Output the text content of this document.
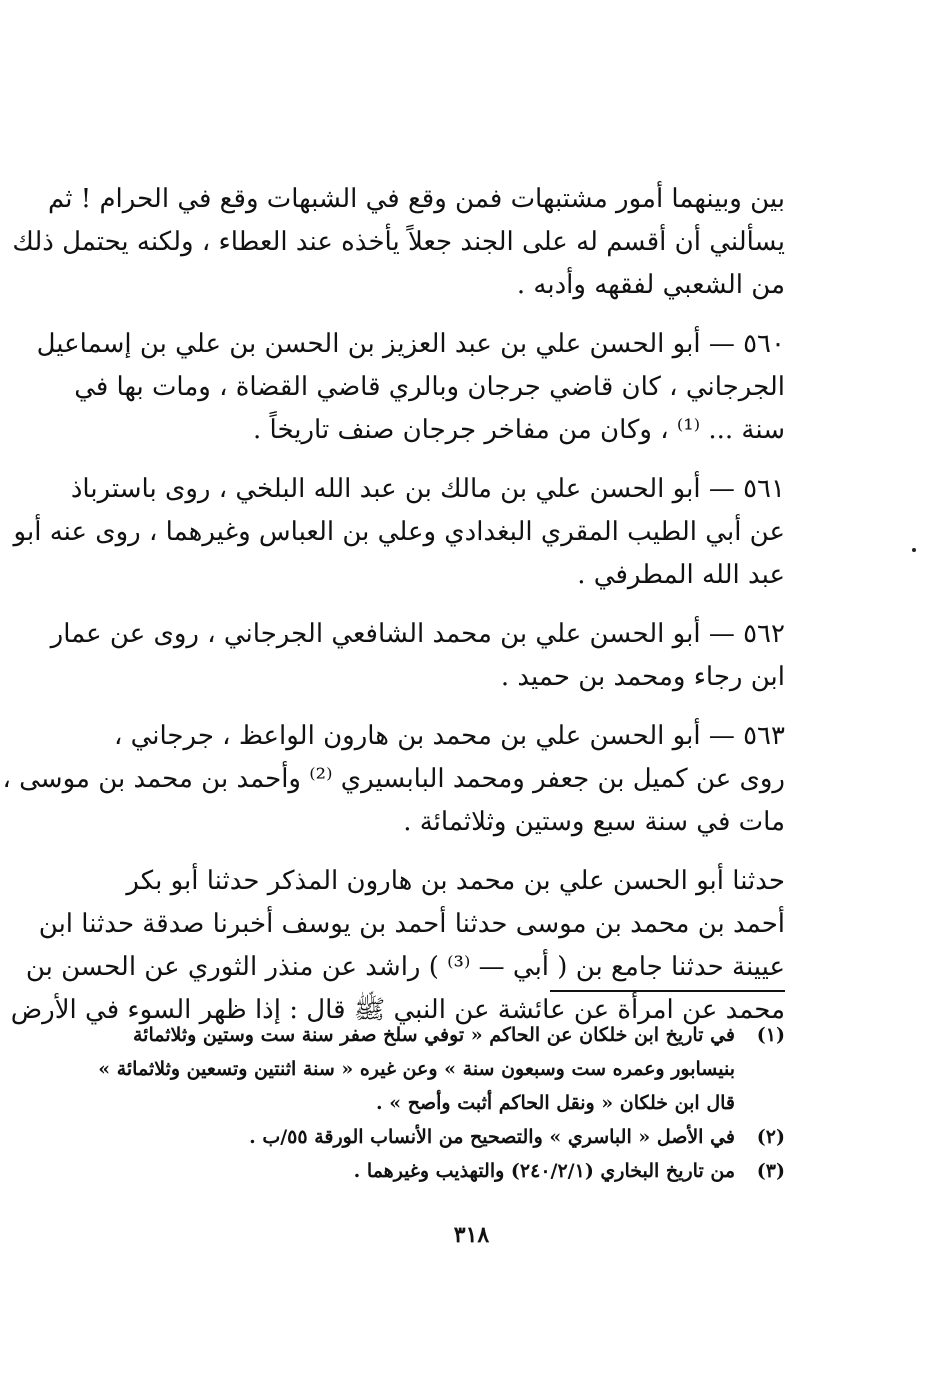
بين وبينهما أمور مشتبهات فمن وقع في الشبهات وقع في الحرام ! ثم
يسألني أن أقسم له على الجند جعلاً يأخذه عند العطاء ، ولكنه يحتمل ذلك
من الشعبي لفقهه وأدبه .

٥٦٠ — أبو الحسن علي بن عبد العزيز بن الحسن بن علي بن إسماعيل
الجرجاني ، كان قاضي جرجان وبالري قاضي القضاة ، ومات بها في
سنة ... ⁽¹⁾ ، وكان من مفاخر جرجان صنف تاريخاً .

٥٦١ — أبو الحسن علي بن مالك بن عبد الله البلخي ، روى باسترباذ
عن أبي الطيب المقري البغدادي وعلي بن العباس وغيرهما ، روى عنه أبو
عبد الله المطرفي .

٥٦٢ — أبو الحسن علي بن محمد الشافعي الجرجاني ، روى عن عمار
ابن رجاء ومحمد بن حميد .

٥٦٣ — أبو الحسن علي بن محمد بن هارون الواعظ ، جرجاني ،
روى عن كميل بن جعفر ومحمد البابسيري ⁽²⁾ وأحمد بن محمد بن موسى ،
مات في سنة سبع وستين وثلاثمائة .

حدثنا أبو الحسن علي بن محمد بن هارون المذكر حدثنا أبو بكر
أحمد بن محمد بن موسى حدثنا أحمد بن يوسف أخبرنا صدقة حدثنا ابن
عيينة حدثنا جامع بن ( أبي — ⁽³⁾ ) راشد عن منذر الثوري عن الحسن بن
محمد عن امرأة عن عائشة عن النبي ﷺ قال : إذا ظهر السوء في الأرض

(١)
في تاريخ ابن خلكان عن الحاكم « توفي سلخ صفر سنة ست وستين وثلاثمائة
بنيسابور وعمره ست وسبعون سنة » وعن غيره « سنة اثنتين وتسعين وثلاثمائة »
قال ابن خلكان « ونقل الحاكم أثبت وأصح » .
(٢)
في الأصل « الباسري » والتصحيح من الأنساب الورقة ٥٥/ب .
(٣)
من تاريخ البخاري (٢٤٠/٢/١) والتهذيب وغيرهما .
٣١٨
